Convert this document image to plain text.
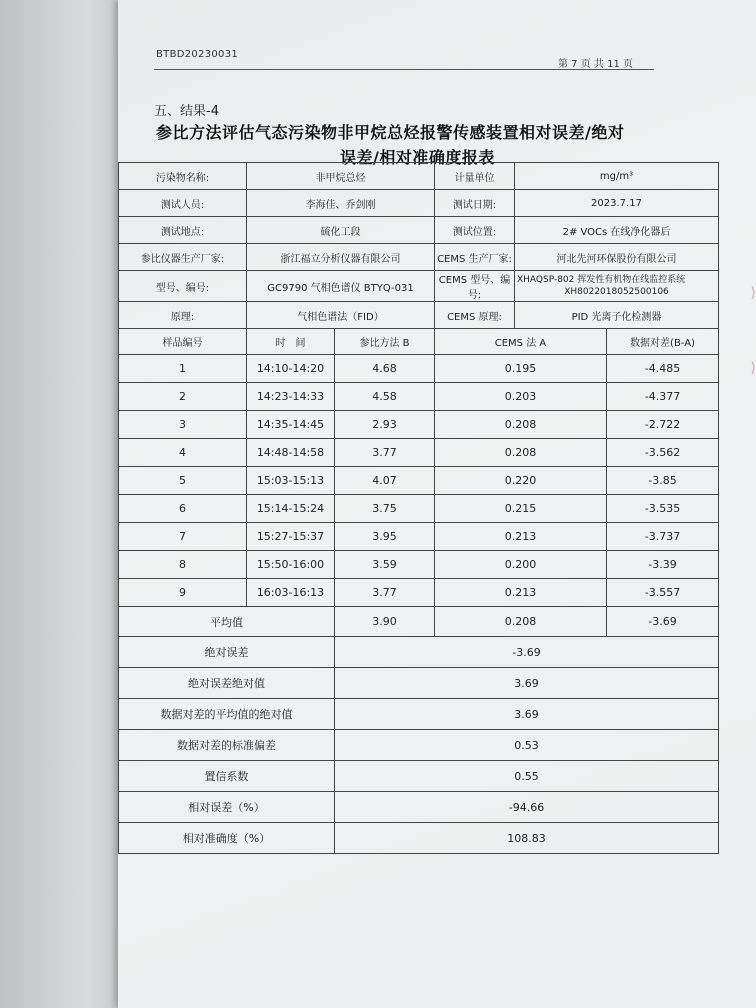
BTBD20230031
第 7 页 共 11 页
五、结果-4
参比方法评估气态污染物非甲烷总烃报警传感装置相对误差/绝对
误差/相对准确度报表
污染物名称:	非甲烷总烃		计量单位	mg/m³	
测试人员:	李海佳、乔剑刚		测试日期:	2023.7.17	
测试地点:	硫化工段		测试位置:	2# VOCs 在线净化器后	
参比仪器生产厂家:	浙江福立分析仪器有限公司		CEMS 生产厂家:	河北先河环保股份有限公司	
型号、编号:	GC9790 气相色谱仪 BTYQ-031		CEMS 型号、编号:	XHAQSP-802 挥发性有机物在线监控系统
XH8022018052500106	

原理:	气相色谱法（FID）		CEMS 原理:	PID 光离子化检测器	
样品编号	时　间	参比方法 B	CEMS 法 A		数据对差(B-A)
1	14:10-14:20	4.68	0.195		-4.485
2	14:23-14:33	4.58	0.203		-4.377
3	14:35-14:45	2.93	0.208		-2.722
4	14:48-14:58	3.77	0.208		-3.562
5	15:03-15:13	4.07	0.220		-3.85
6	15:14-15:24	3.75	0.215		-3.535
7	15:27-15:37	3.95	0.213		-3.737
8	15:50-16:00	3.59	0.200		-3.39
9	16:03-16:13	3.77	0.213		-3.557
平均值		3.90	0.208		-3.69
绝对误差		-3.69			
绝对误差绝对值		3.69			
数据对差的平均值的绝对值		3.69			
数据对差的标准偏差		0.53			
置信系数		0.55			
相对误差（%）		-94.66			
相对准确度（%）		108.83			
⟩
⟩
